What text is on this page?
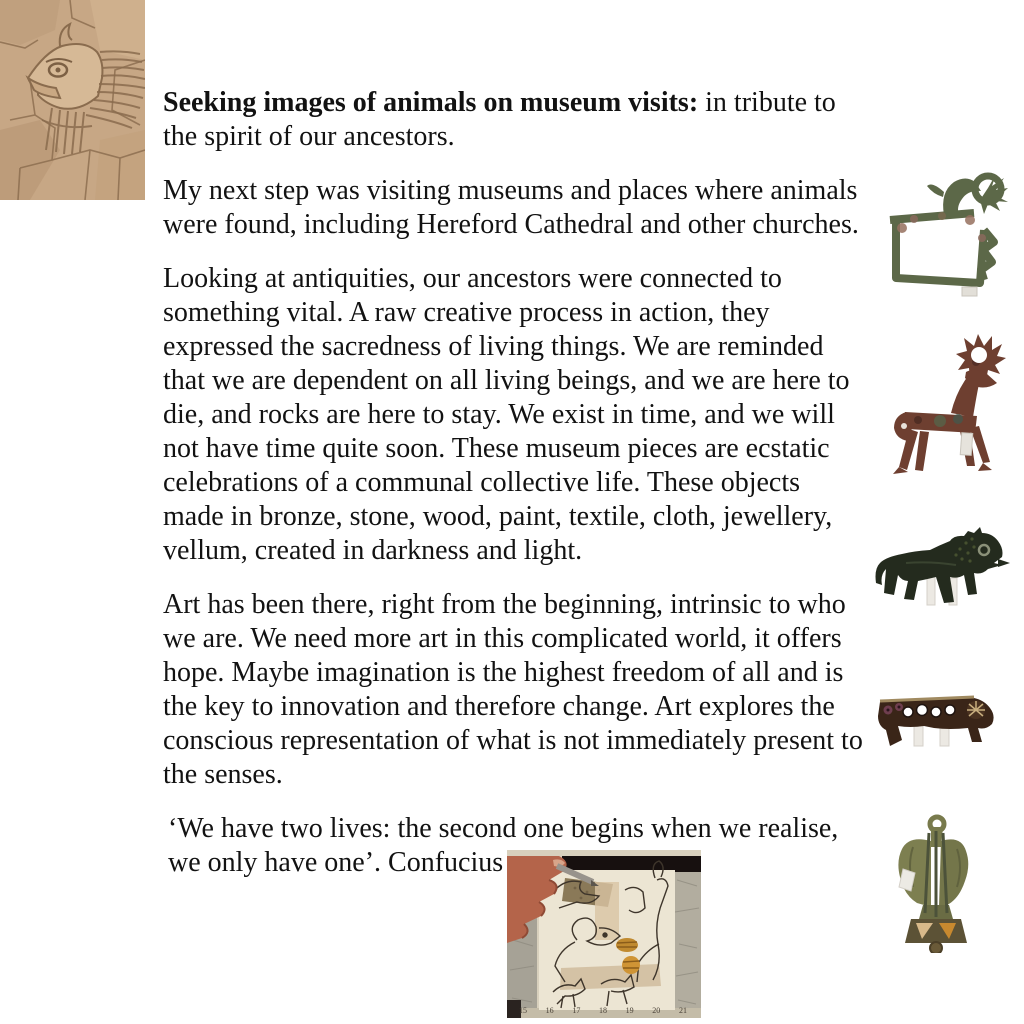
Seeking images of animals on museum visits: in tribute to the spirit of our ancestors.

My next step was visiting museums and places where animals were found, including Hereford Cathedral and other churches.

Looking at antiquities, our ancestors were connected to something vital. A raw creative process in action, they expressed the sacredness of living things. We are reminded that we are dependent on all living beings, and we are here to die, and rocks are here to stay. We exist in time, and we will not have time quite soon. These museum pieces are ecstatic celebrations of a communal collective life. These objects made in bronze, stone, wood, paint, textile, cloth, jewellery, vellum, created in darkness and light.

Art has been there, right from the beginning, intrinsic to who we are. We need more art in this complicated world, it offers hope. Maybe imagination is the highest freedom of all and is the key to innovation and therefore change. Art explores the conscious representation of what is not immediately present to the senses.

‘We have two lives: the second one begins when we realise, we only have one’. Confucius

15 16 17 18 19 20 21
